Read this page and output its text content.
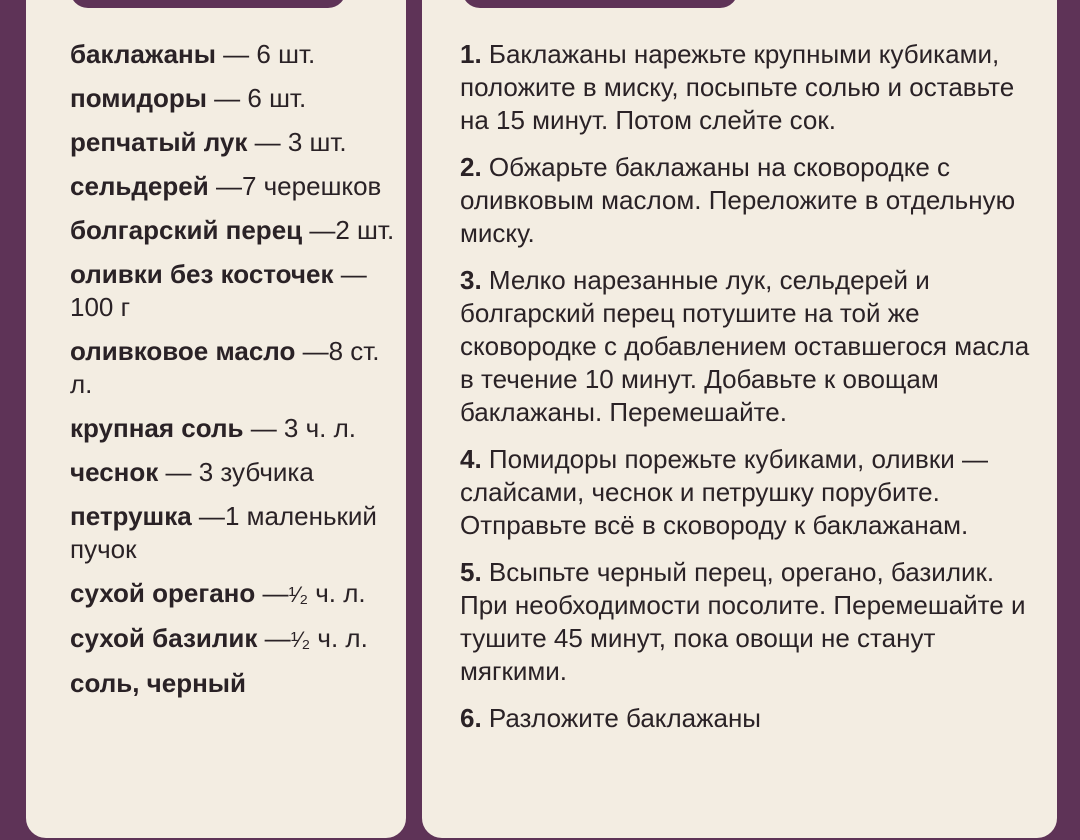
баклажаны — 6 шт.
помидоры — 6 шт.
репчатый лук — 3 шт.
сельдерей —7 черешков
болгарский перец —2 шт.
оливки без косточек — 100 г
оливковое масло —8 ст. л.
крупная соль — 3 ч. л.
чеснок — 3 зубчика
петрушка —1 маленький пучок
сухой орегано —¹⁄₂ ч. л.
сухой базилик —¹⁄₂ ч. л.
соль, черный
1. Баклажаны нарежьте крупными кубиками, положите в миску, посыпьте солью и оставьте на 15 минут. Потом слейте сок.
2. Обжарьте баклажаны на сковородке с оливковым маслом. Переложите в отдельную миску.
3. Мелко нарезанные лук, сельдерей и болгарский перец потушите на той же сковородке с добавлением оставшегося масла в течение 10 минут. Добавьте к овощам баклажаны. Перемешайте.
4. Помидоры порежьте кубиками, оливки — слайсами, чеснок и петрушку порубите. Отправьте всё в сковороду к баклажанам.
5. Всыпьте черный перец, орегано, базилик. При необходимости посолите. Перемешайте и тушите 45 минут, пока овощи не станут мягкими.
6. Разложите баклажаны
